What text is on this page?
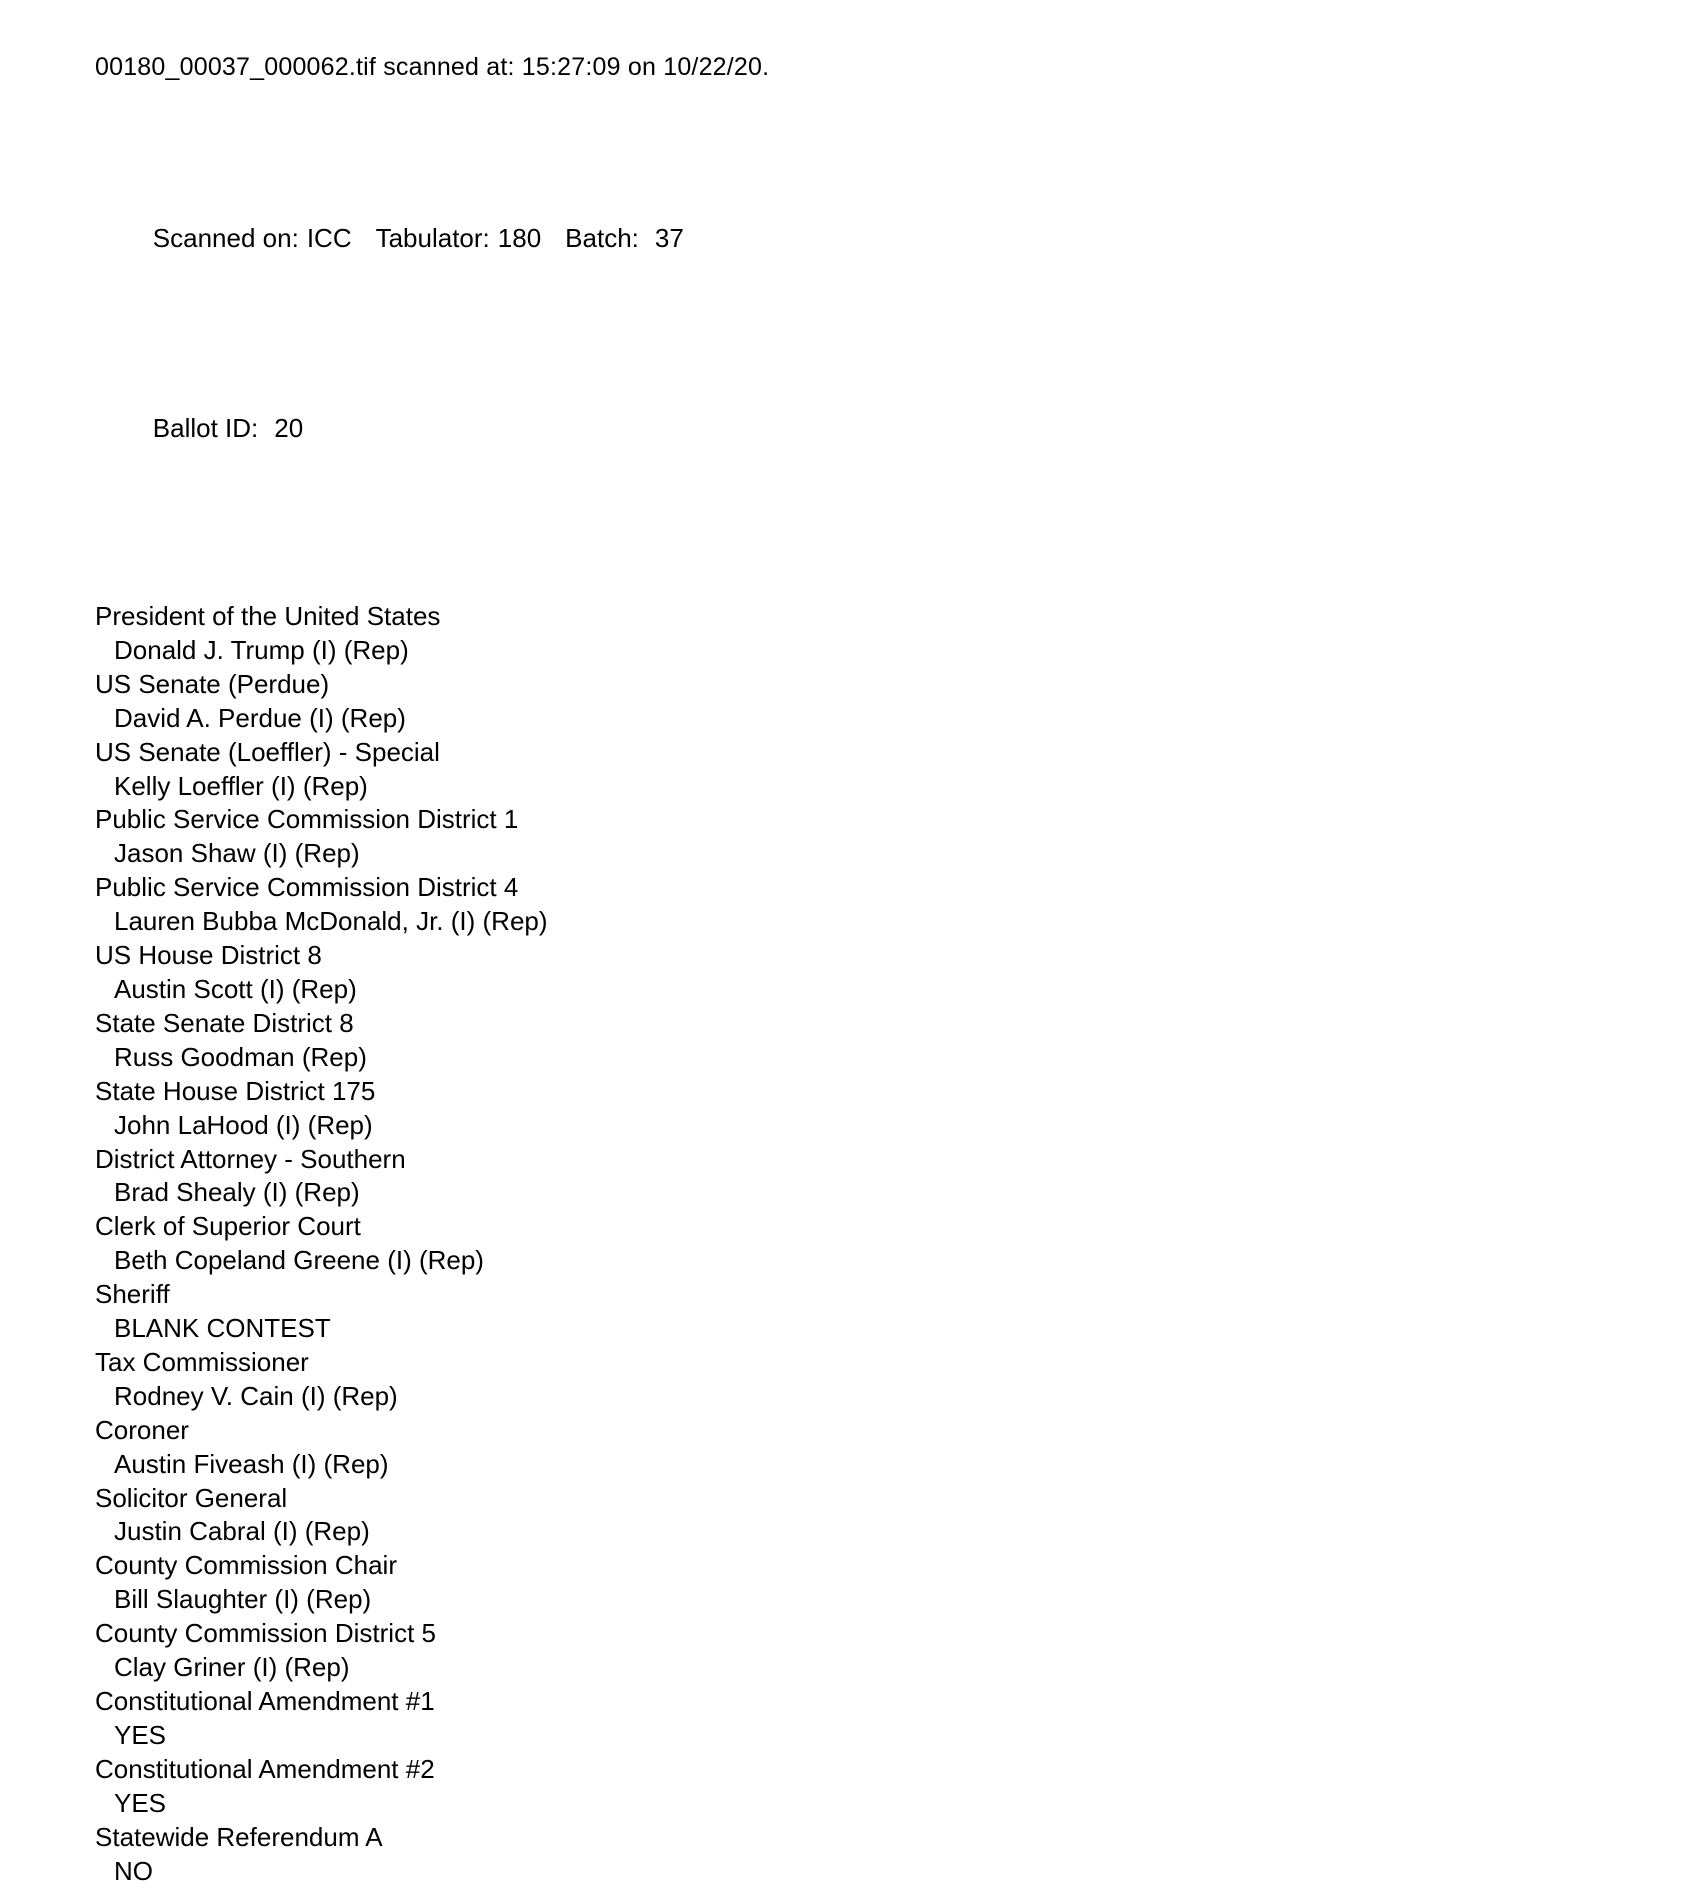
00180_00037_000062.tif scanned at: 15:27:09 on 10/22/20.

Scanned on: ICC Tabulator: 180 Batch: 37

Ballot ID: 20

President of the United States
Donald J. Trump (I) (Rep)
US Senate (Perdue)
David A. Perdue (I) (Rep)
US Senate (Loeffler) - Special
Kelly Loeffler (I) (Rep)
Public Service Commission District 1
Jason Shaw (I) (Rep)
Public Service Commission District 4
Lauren Bubba McDonald, Jr. (I) (Rep)
US House District 8
Austin Scott (I) (Rep)
State Senate District 8
Russ Goodman (Rep)
State House District 175
John LaHood (I) (Rep)
District Attorney - Southern
Brad Shealy (I) (Rep)
Clerk of Superior Court
Beth Copeland Greene (I) (Rep)
Sheriff
BLANK CONTEST
Tax Commissioner
Rodney V. Cain (I) (Rep)
Coroner
Austin Fiveash (I) (Rep)
Solicitor General
Justin Cabral (I) (Rep)
County Commission Chair
Bill Slaughter (I) (Rep)
County Commission District 5
Clay Griner (I) (Rep)
Constitutional Amendment #1
YES
Constitutional Amendment #2
YES
Statewide Referendum A
NO
